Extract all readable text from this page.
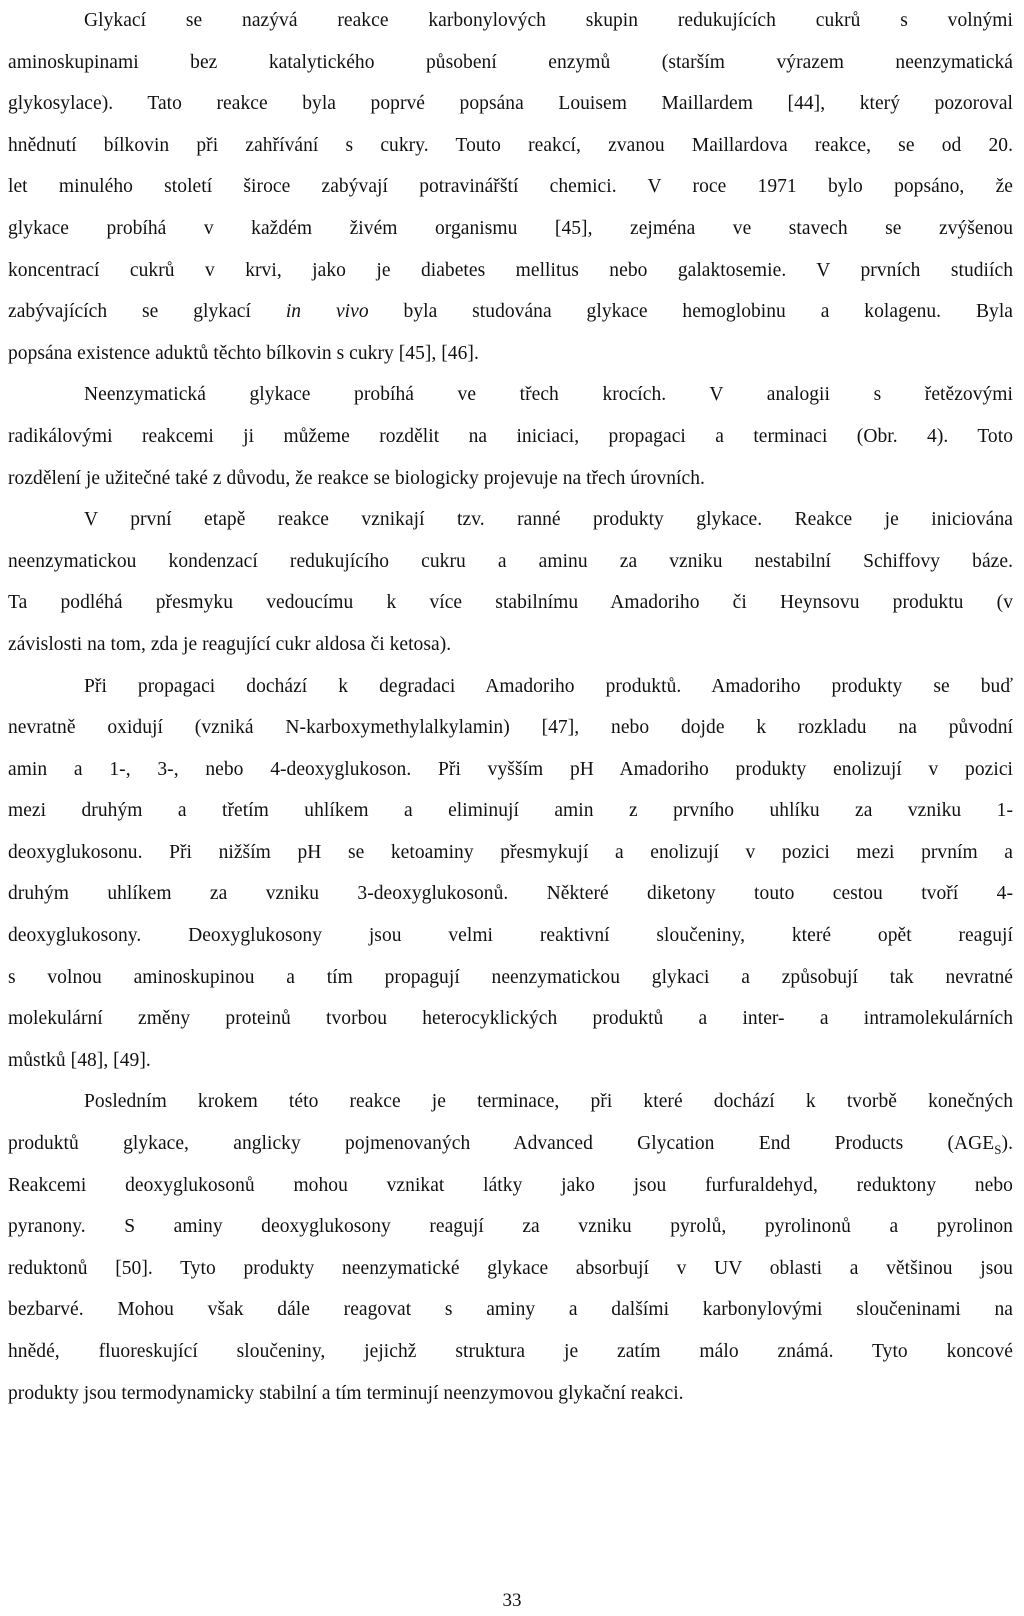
Glykací se nazývá reakce karbonylových skupin redukujících cukrů s volnými
aminoskupinami bez katalytického působení enzymů (starším výrazem neenzymatická
glykosylace). Tato reakce byla poprvé popsána Louisem Maillardem [44], který pozoroval
hnědnutí bílkovin při zahřívání s cukry. Touto reakcí, zvanou Maillardova reakce, se od 20.
let minulého století široce zabývají potravinářští chemici. V roce 1971 bylo popsáno, že
glykace probíhá v každém živém organismu [45], zejména ve stavech se zvýšenou
koncentrací cukrů v krvi, jako je diabetes mellitus nebo galaktosemie. V prvních studiích
zabývajících se glykací in vivo byla studována glykace hemoglobinu a kolagenu. Byla
popsána existence aduktů těchto bílkovin s cukry [45], [46].
Neenzymatická glykace probíhá ve třech krocích. V analogii s řetězovými
radikálovými reakcemi ji můžeme rozdělit na iniciaci, propagaci a terminaci (Obr. 4). Toto
rozdělení je užitečné také z důvodu, že reakce se biologicky projevuje na třech úrovních.
V první etapě reakce vznikají tzv. ranné produkty glykace. Reakce je iniciována
neenzymatickou kondenzací redukujícího cukru a aminu za vzniku nestabilní Schiffovy báze.
Ta podléhá přesmyku vedoucímu k více stabilnímu Amadoriho či Heynsovu produktu (v
závislosti na tom, zda je reagující cukr aldosa či ketosa).
Při propagaci dochází k degradaci Amadoriho produktů. Amadoriho produkty se buď
nevratně oxidují (vzniká N-karboxymethylalkylamin) [47], nebo dojde k rozkladu na původní
amin a 1-, 3-, nebo 4-deoxyglukoson. Při vyšším pH Amadoriho produkty enolizují v pozici
mezi druhým a třetím uhlíkem a eliminují amin z prvního uhlíku za vzniku 1-
deoxyglukosonu. Při nižším pH se ketoaminy přesmykují a enolizují v pozici mezi prvním a
druhým uhlíkem za vzniku 3-deoxyglukosonů. Některé diketony touto cestou tvoří 4-
deoxyglukosony. Deoxyglukosony jsou velmi reaktivní sloučeniny, které opět reagují
s volnou aminoskupinou a tím propagují neenzymatickou glykaci a způsobují tak nevratné
molekulární změny proteinů tvorbou heterocyklických produktů a inter- a intramolekulárních
můstků [48], [49].
Posledním krokem této reakce je terminace, při které dochází k tvorbě konečných
produktů glykace, anglicky pojmenovaných Advanced Glycation End Products $(AGE_S)$.
Reakcemi deoxyglukosonů mohou vznikat látky jako jsou furfuraldehyd, reduktony nebo
pyranony. S aminy deoxyglukosony reagují za vzniku pyrolů, pyrolinonů a pyrolinon
reduktonů [50]. Tyto produkty neenzymatické glykace absorbují v UV oblasti a většinou jsou
bezbarvé. Mohou však dále reagovat s aminy a dalšími karbonylovými sloučeninami na
hnědé, fluoreskující sloučeniny, jejichž struktura je zatím málo známá. Tyto koncové
produkty jsou termodynamicky stabilní a tím terminují neenzymovou glykační reakci.
33
